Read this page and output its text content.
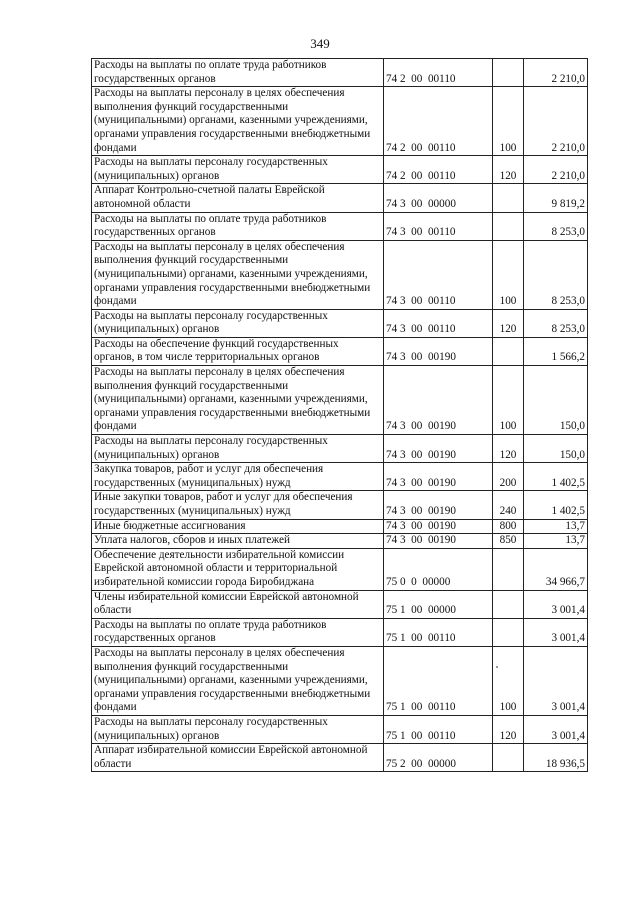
349
Расходы на выплаты по оплате труда работников государственных органов	74 2  00  00110		2 210,0
Расходы на выплаты персоналу в целях обеспечения выполнения функций государственными (муниципальными) органами, казенными учреждениями, органами управления государственными внебюджетными фондами	74 2  00  00110	100	2 210,0
Расходы на выплаты персоналу государственных (муниципальных) органов	74 2  00  00110	120	2 210,0
Аппарат Контрольно-счетной палаты Еврейской автономной области	74 3  00  00000		9 819,2
Расходы на выплаты по оплате труда работников государственных органов	74 3  00  00110		8 253,0
Расходы на выплаты персоналу в целях обеспечения выполнения функций государственными (муниципальными) органами, казенными учреждениями, органами управления государственными внебюджетными фондами	74 3  00  00110	100	8 253,0
Расходы на выплаты персоналу государственных (муниципальных) органов	74 3  00  00110	120	8 253,0
Расходы на обеспечение функций государственных органов, в том числе территориальных органов	74 3  00  00190		1 566,2
Расходы на выплаты персоналу в целях обеспечения выполнения функций государственными (муниципальными) органами, казенными учреждениями, органами управления государственными внебюджетными фондами	74 3  00  00190	100	150,0
Расходы на выплаты персоналу государственных (муниципальных) органов	74 3  00  00190	120	150,0
Закупка товаров, работ и услуг для обеспечения государственных (муниципальных) нужд	74 3  00  00190	200	1 402,5
Иные закупки товаров, работ и услуг для обеспечения государственных (муниципальных) нужд	74 3  00  00190	240	1 402,5
Иные бюджетные ассигнования	74 3  00  00190	800	13,7
Уплата налогов, сборов и иных платежей	74 3  00  00190	850	13,7
Обеспечение деятельности избирательной комиссии Еврейской автономной области и территориальной избирательной комиссии города Биробиджана	75 0  0  00000		34 966,7
Члены избирательной комиссии Еврейской автономной области	75 1  00  00000		3 001,4
Расходы на выплаты по оплате труда работников государственных органов	75 1  00  00110		3 001,4
Расходы на выплаты персоналу в целях обеспечения выполнения функций государственными (муниципальными) органами, казенными учреждениями, органами управления государственными внебюджетными фондами	75 1  00  00110	100	3 001,4
Расходы на выплаты персоналу государственных (муниципальных) органов	75 1  00  00110	120	3 001,4
Аппарат избирательной комиссии Еврейской автономной области	75 2  00  00000		18 936,5
